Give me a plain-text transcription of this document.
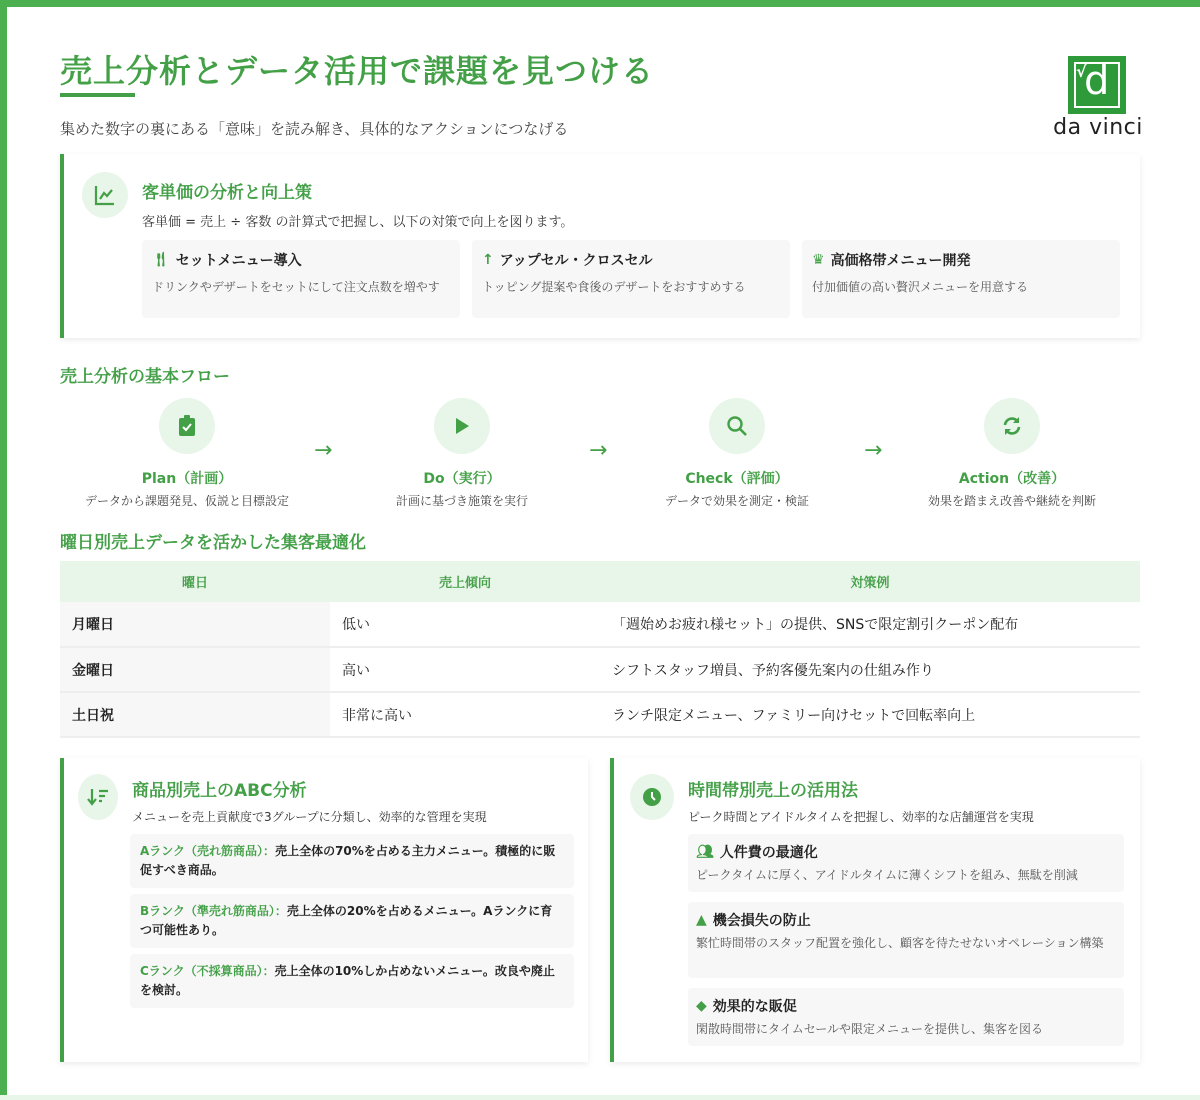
売上分析とデータ活用で課題を見つける

集めた数字の裏にある「意味」を読み解き、具体的なアクションにつなげる

√
d
da vinci
客単価の分析と向上策
客単価 = 売上 ÷ 客数 の計算式で把握し、以下の対策で向上を図ります。
🍴︎ セットメニュー導入
ドリンクやデザートをセットにして注文点数を増やす
↑ アップセル・クロスセル
トッピング提案や食後のデザートをおすすめする
♛ 高価格帯メニュー開発
付加価値の高い贅沢メニューを用意する
売上分析の基本フロー
Plan（計画）
データから課題発見、仮説と目標設定
→
Do（実行）
計画に基づき施策を実行
→
Check（評価）
データで効果を測定・検証
→
Action（改善）
効果を踏まえ改善や継続を判断
曜日別売上データを活かした集客最適化
曜日	売上傾向	対策例
月曜日	低い	「週始めお疲れ様セット」の提供、SNSで限定割引クーポン配布
金曜日	高い	シフトスタッフ増員、予約客優先案内の仕組み作り
土日祝	非常に高い	ランチ限定メニュー、ファミリー向けセットで回転率向上
商品別売上のABC分析
メニューを売上貢献度で3グループに分類し、効率的な管理を実現
Aランク（売れ筋商品）：売上全体の70%を占める主力メニュー。積極的に販促すべき商品。
Bランク（準売れ筋商品）：売上全体の20%を占めるメニュー。Aランクに育つ可能性あり。
Cランク（不採算商品）：売上全体の10%しか占めないメニュー。改良や廃止を検討。
時間帯別売上の活用法
ピーク時間とアイドルタイムを把握し、効率的な店舗運営を実現
👥︎ 人件費の最適化
ピークタイムに厚く、アイドルタイムに薄くシフトを組み、無駄を削減
▲ 機会損失の防止
繁忙時間帯のスタッフ配置を強化し、顧客を待たせないオペレーション構築
◆ 効果的な販促
閑散時間帯にタイムセールや限定メニューを提供し、集客を図る
